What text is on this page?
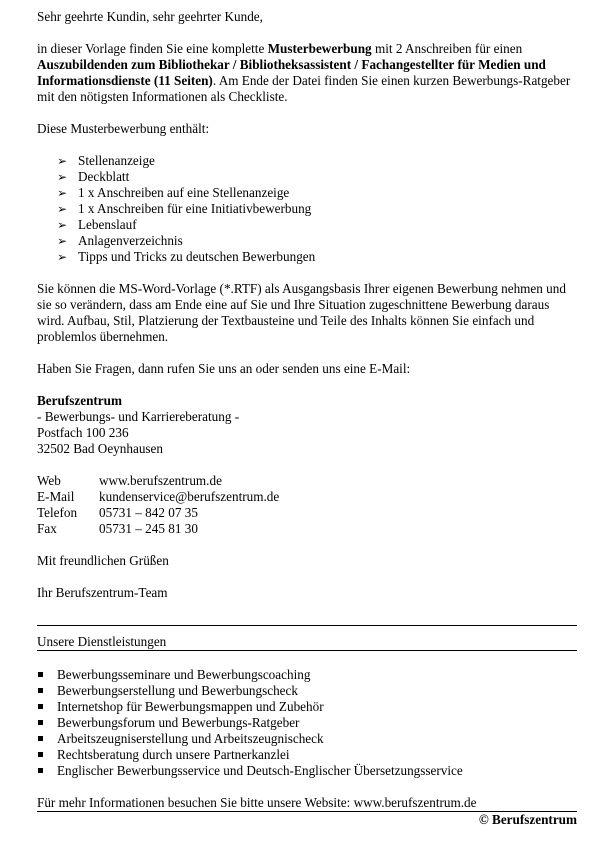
Sehr geehrte Kundin, sehr geehrter Kunde,

in dieser Vorlage finden Sie eine komplette Musterbewerbung mit 2 Anschreiben für einen Auszubildenden zum Bibliothekar / Bibliotheksassistent / Fachangestellter für Medien und Informationsdienste (11 Seiten). Am Ende der Datei finden Sie einen kurzen Bewerbungs-Ratgeber mit den nötigsten Informationen als Checkliste.

Diese Musterbewerbung enthält:

➢ Stellenanzeige
➢ Deckblatt
➢ 1 x Anschreiben auf eine Stellenanzeige
➢ 1 x Anschreiben für eine Initiativbewerbung
➢ Lebenslauf
➢ Anlagenverzeichnis
➢ Tipps und Tricks zu deutschen Bewerbungen

Sie können die MS-Word-Vorlage (*.RTF) als Ausgangsbasis Ihrer eigenen Bewerbung nehmen und sie so verändern, dass am Ende eine auf Sie und Ihre Situation zugeschnittene Bewerbung daraus wird. Aufbau, Stil, Platzierung der Textbausteine und Teile des Inhalts können Sie einfach und problemlos übernehmen.

Haben Sie Fragen, dann rufen Sie uns an oder senden uns eine E-Mail:

Berufszentrum

- Bewerbungs- und Karriereberatung -

Postfach 100 236

32502 Bad Oeynhausen

Web	www.berufszentrum.de
E-Mail	kundenservice@berufszentrum.de
Telefon	05731 – 842 07 35
Fax	05731 – 245 81 30

Mit freundlichen Grüßen

Ihr Berufszentrum-Team

Unsere Dienstleistungen

Bewerbungsseminare und Bewerbungscoaching
Bewerbungserstellung und Bewerbungscheck
Internetshop für Bewerbungsmappen und Zubehör
Bewerbungsforum und Bewerbungs-Ratgeber
Arbeitszeugniserstellung und Arbeitszeugnischeck
Rechtsberatung durch unsere Partnerkanzlei
Englischer Bewerbungsservice und Deutsch-Englischer Übersetzungsservice

Für mehr Informationen besuchen Sie bitte unsere Website: www.berufszentrum.de

© Berufszentrum
